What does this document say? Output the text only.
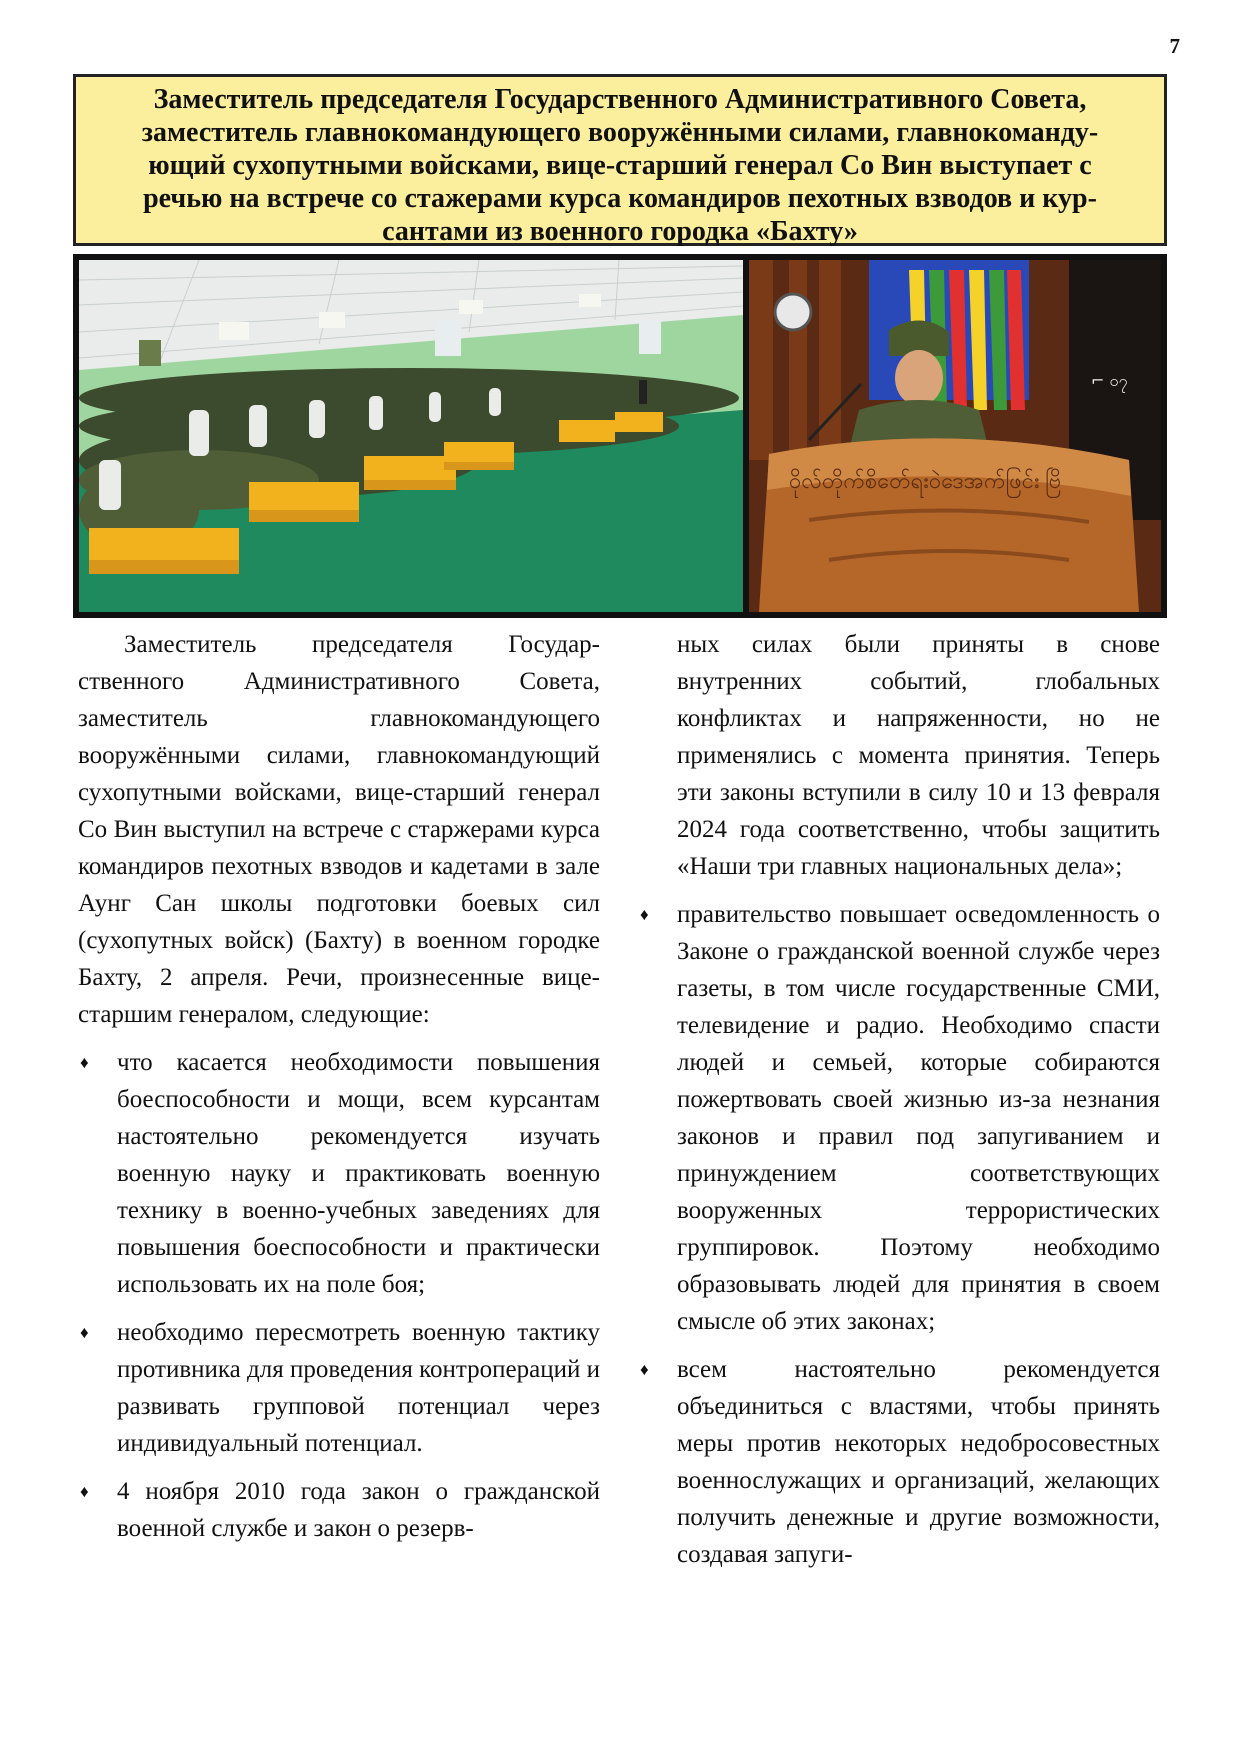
7
Заместитель председателя Государственного Административного Совета,
заместитель главнокомандующего вооружёнными силами, главнокоманду-
ющий сухопутными войсками, вице-старший генерал Со Вин выступает с
речью на встрече со стажерами курса командиров пехотных взводов и кур-
сантами из военного городка «Бахту»
⌐ ၀၇
ဝိုလ်တိုက်စိတ်ေရးဝဲဒေအက်ဖြင်း ဗြိ

Заместитель председателя Государ-ственного Административного Совета, заместитель главнокомандующего вооружёнными силами, главнокомандующий сухопутными войсками, вице-старший генерал Со Вин выступил на встрече с старжерами курса командиров пехотных взводов и кадетами в зале Аунг Сан школы подготовки боевых сил (сухопутных войск) (Бахту) в военном городке Бахту, 2 апреля. Речи, произнесенные вице-старшим генералом, следующие:

♦ что касается необходимости повышения боеспособности и мощи, всем курсантам настоятельно рекомендуется изучать военную науку и практиковать военную технику в военно-учебных заведениях для повышения боеспособности и практически использовать их на поле боя;

♦ необходимо пересмотреть военную тактику противника для проведения контропераций и развивать групповой потенциал через индивидуальный потенциал.

♦ 4 ноября 2010 года закон о гражданской военной службе и закон о резерв-

ных силах были приняты в снове внутренних событий, глобальных конфликтах и напряженности, но не применялись с момента принятия. Теперь эти законы вступили в силу 10 и 13 февраля 2024 года соответственно, чтобы защитить «Наши три главных национальных дела»;

♦ правительство повышает осведомленность о Законе о гражданской военной службе через газеты, в том числе государственные СМИ, телевидение и радио. Необходимо спасти людей и семьей, которые собираются пожертвовать своей жизнью из-за незнания законов и правил под запугиванием и принуждением соответствующих вооруженных террористических группировок. Поэтому необходимо образовывать людей для принятия в своем смысле об этих законах;

♦ всем настоятельно рекомендуется объединиться с властями, чтобы принять меры против некоторых недобросовестных военнослужащих и организаций, желающих получить денежные и другие возможности, создавая запуги-
